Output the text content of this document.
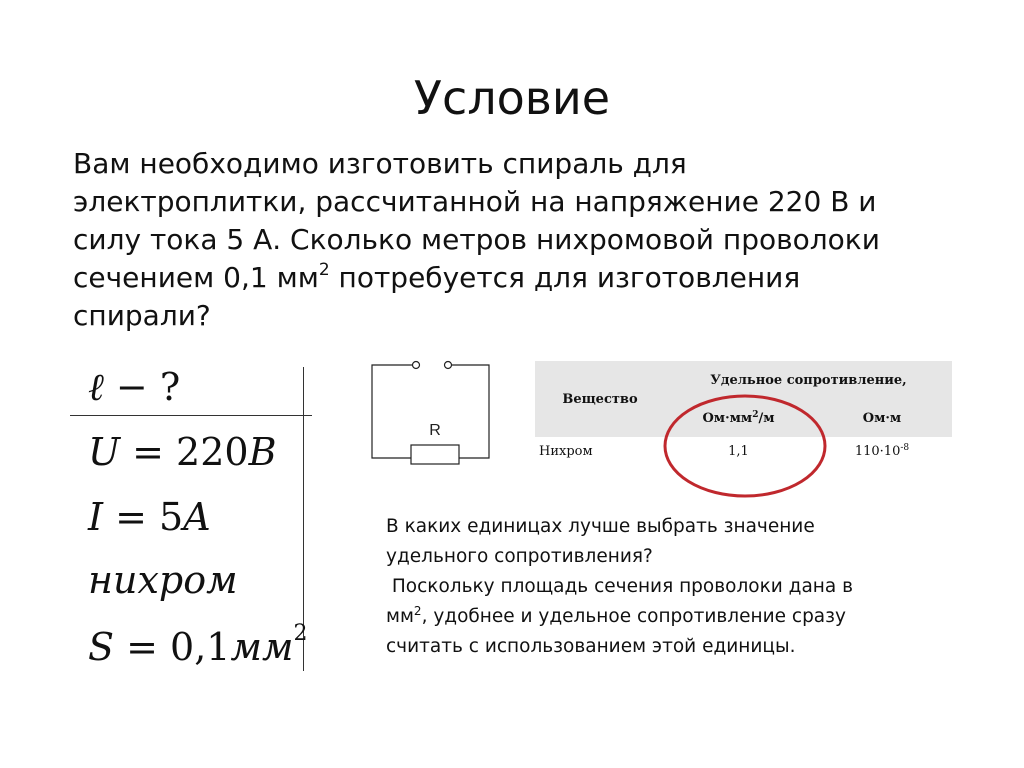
Условие
Вам необходимо изготовить спираль для
электроплитки, рассчитанной на напряжение 220 В и
силу тока 5 А. Сколько метров нихромовой проволоки
сечением 0,1 $мм^2$ потребуется для изготовления
спирали?
ℓ − ?
U = 220B
I = 5A
нихром
$S = 0,1мм^2$
R
Вещество	Удельное сопротивление,	
	$Ом\cdot мм^2/м$	Ом·м
Нихром	1,1	$110\cdot 10^{-8}$
В каких единицах лучше выбрать значение
удельного сопротивления?
Поскольку площадь сечения проволоки дана в
$мм^2$, удобнее и удельное сопротивление сразу
считать с использованием этой единицы.
